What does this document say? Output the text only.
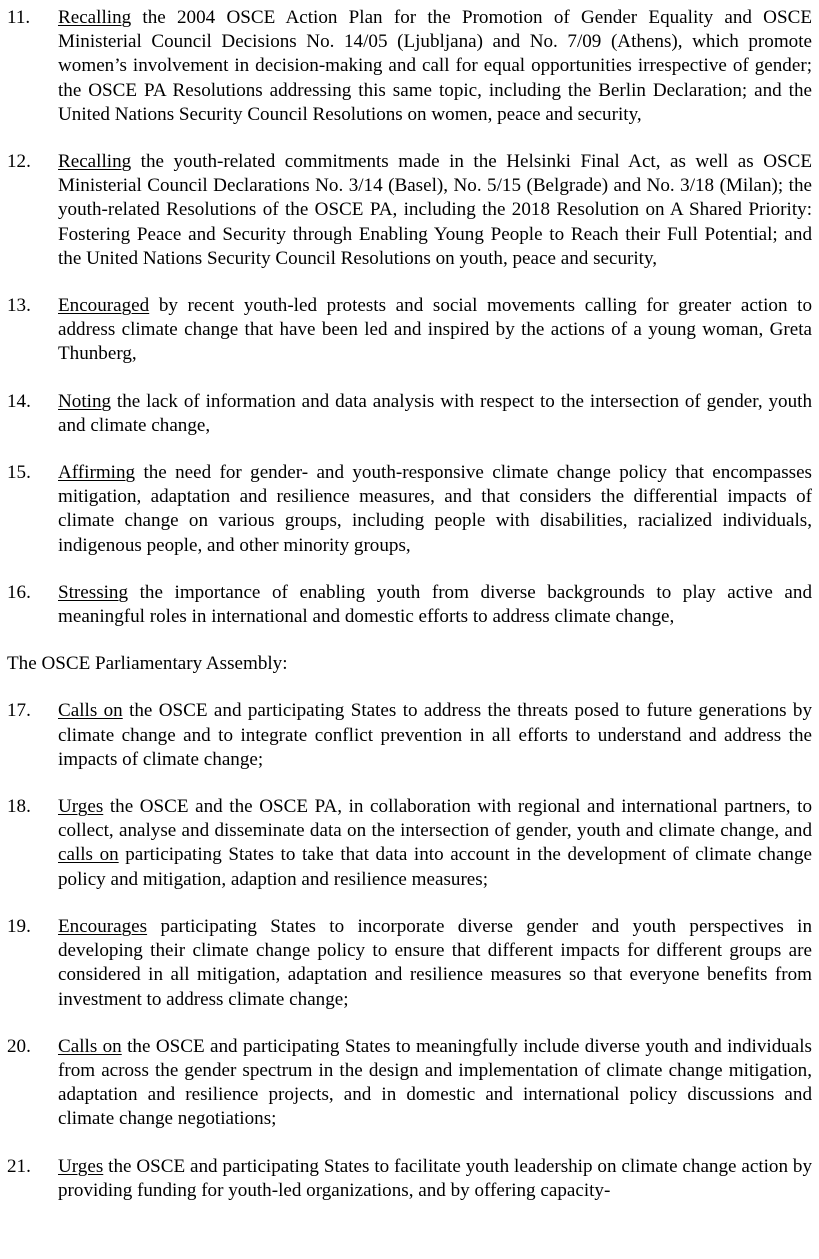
11.	Recalling the 2004 OSCE Action Plan for the Promotion of Gender Equality and OSCE Ministerial Council Decisions No. 14/05 (Ljubljana) and No. 7/09 (Athens), which promote women’s involvement in decision-making and call for equal opportunities irrespective of gender; the OSCE PA Resolutions addressing this same topic, including the Berlin Declaration; and the United Nations Security Council Resolutions on women, peace and security,
12.	Recalling the youth-related commitments made in the Helsinki Final Act, as well as OSCE Ministerial Council Declarations No. 3/14 (Basel), No. 5/15 (Belgrade) and No. 3/18 (Milan); the youth-related Resolutions of the OSCE PA, including the 2018 Resolution on A Shared Priority: Fostering Peace and Security through Enabling Young People to Reach their Full Potential; and the United Nations Security Council Resolutions on youth, peace and security,
13.	Encouraged by recent youth-led protests and social movements calling for greater action to address climate change that have been led and inspired by the actions of a young woman, Greta Thunberg,
14.	Noting the lack of information and data analysis with respect to the intersection of gender, youth and climate change,
15.	Affirming the need for gender- and youth-responsive climate change policy that encompasses mitigation, adaptation and resilience measures, and that considers the differential impacts of climate change on various groups, including people with disabilities, racialized individuals, indigenous people, and other minority groups,
16.	Stressing the importance of enabling youth from diverse backgrounds to play active and meaningful roles in international and domestic efforts to address climate change,

The OSCE Parliamentary Assembly:

17.	Calls on the OSCE and participating States to address the threats posed to future generations by climate change and to integrate conflict prevention in all efforts to understand and address the impacts of climate change;
18.	Urges the OSCE and the OSCE PA, in collaboration with regional and international partners, to collect, analyse and disseminate data on the intersection of gender, youth and climate change, and calls on participating States to take that data into account in the development of climate change policy and mitigation, adaption and resilience measures;
19.	Encourages participating States to incorporate diverse gender and youth perspectives in developing their climate change policy to ensure that different impacts for different groups are considered in all mitigation, adaptation and resilience measures so that everyone benefits from investment to address climate change;
20.	Calls on the OSCE and participating States to meaningfully include diverse youth and individuals from across the gender spectrum in the design and implementation of climate change mitigation, adaptation and resilience projects, and in domestic and international policy discussions and climate change negotiations;
21.	Urges the OSCE and participating States to facilitate youth leadership on climate change action by providing funding for youth-led organizations, and by offering capacity-
